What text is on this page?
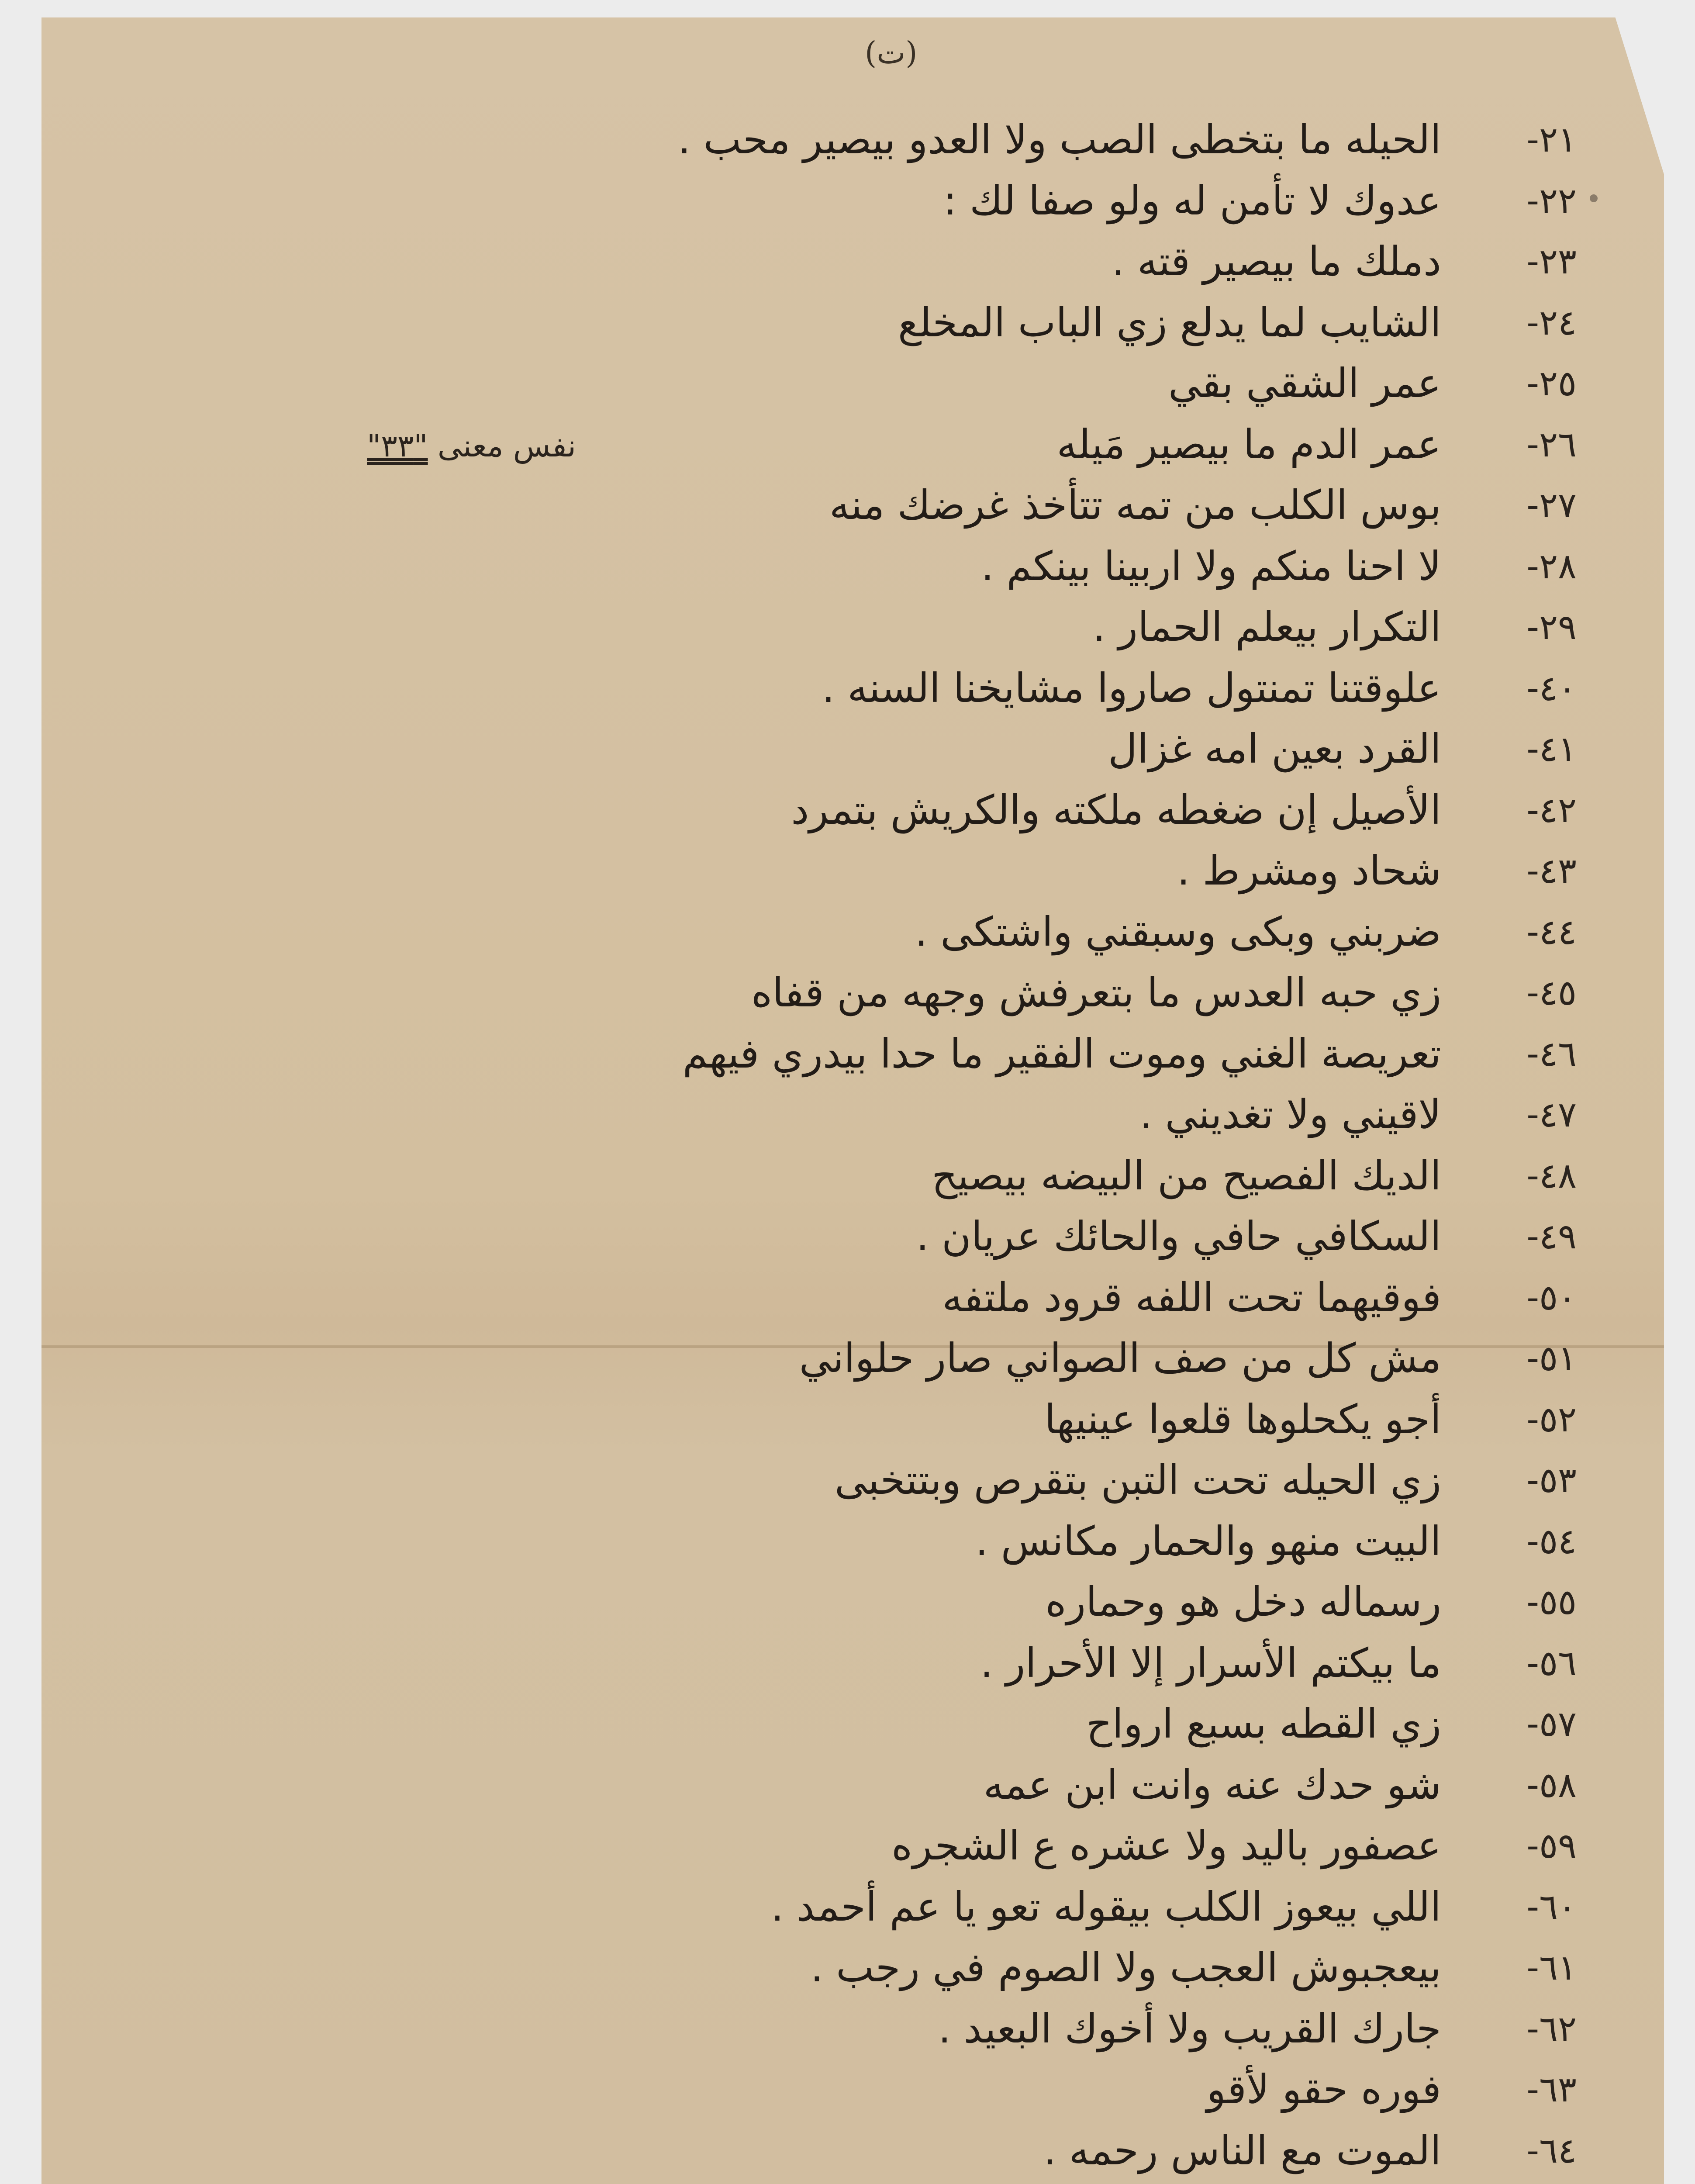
(ت)
٢١-
الحيله ما بتخطى الصب ولا العدو بيصير محب .
٢٢-
عدوك لا تأمن له ولو صفا لك :
٢٣-
دملك ما بيصير قته .
٢٤-
الشايب لما يدلع زي الباب المخلع
٢٥-
عمر الشقي بقي
٢٦-
عمر الدم ما بيصير مَيله
٢٧-
بوس الكلب من تمه تتأخذ غرضك منه
٢٨-
لا احنا منكم ولا اربينا بينكم .
٢٩-
التكرار بيعلم الحمار .
٤٠-
علوقتنا تمنتول صاروا مشايخنا السنه .
٤١-
القرد بعين امه غزال
٤٢-
الأصيل إن ضغطه ملكته والكريش بتمرد
٤٣-
شحاد ومشرط .
٤٤-
ضربني وبكى وسبقني واشتكى .
٤٥-
زي حبه العدس ما بتعرفش وجهه من قفاه
٤٦-
تعريصة الغني وموت الفقير ما حدا بيدري فيهم
٤٧-
لاقيني ولا تغديني .
٤٨-
الديك الفصيح من البيضه بيصيح
٤٩-
السكافي حافي والحائك عريان .
٥٠-
فوقيهما تحت اللفه قرود ملتفه
٥١-
مش كل من صف الصواني صار حلواني
٥٢-
أجو يكحلوها قلعوا عينيها
٥٣-
زي الحيله تحت التبن بتقرص وبتتخبى
٥٤-
البيت منهو والحمار مكانس .
٥٥-
رسماله دخل هو وحماره
٥٦-
ما بيكتم الأسرار إلا الأحرار .
٥٧-
زي القطه بسبع ارواح
٥٨-
شو حدك عنه وانت ابن عمه
٥٩-
عصفور باليد ولا عشره ع الشجره
٦٠-
اللي بيعوز الكلب بيقوله تعو يا عم أحمد .
٦١-
بيعجبوش العجب ولا الصوم في رجب .
٦٢-
جارك القريب ولا أخوك البعيد .
٦٣-
فوره حقو لأقو
٦٤-
الموت مع الناس رحمه .
نفس معنى "٣٣"
